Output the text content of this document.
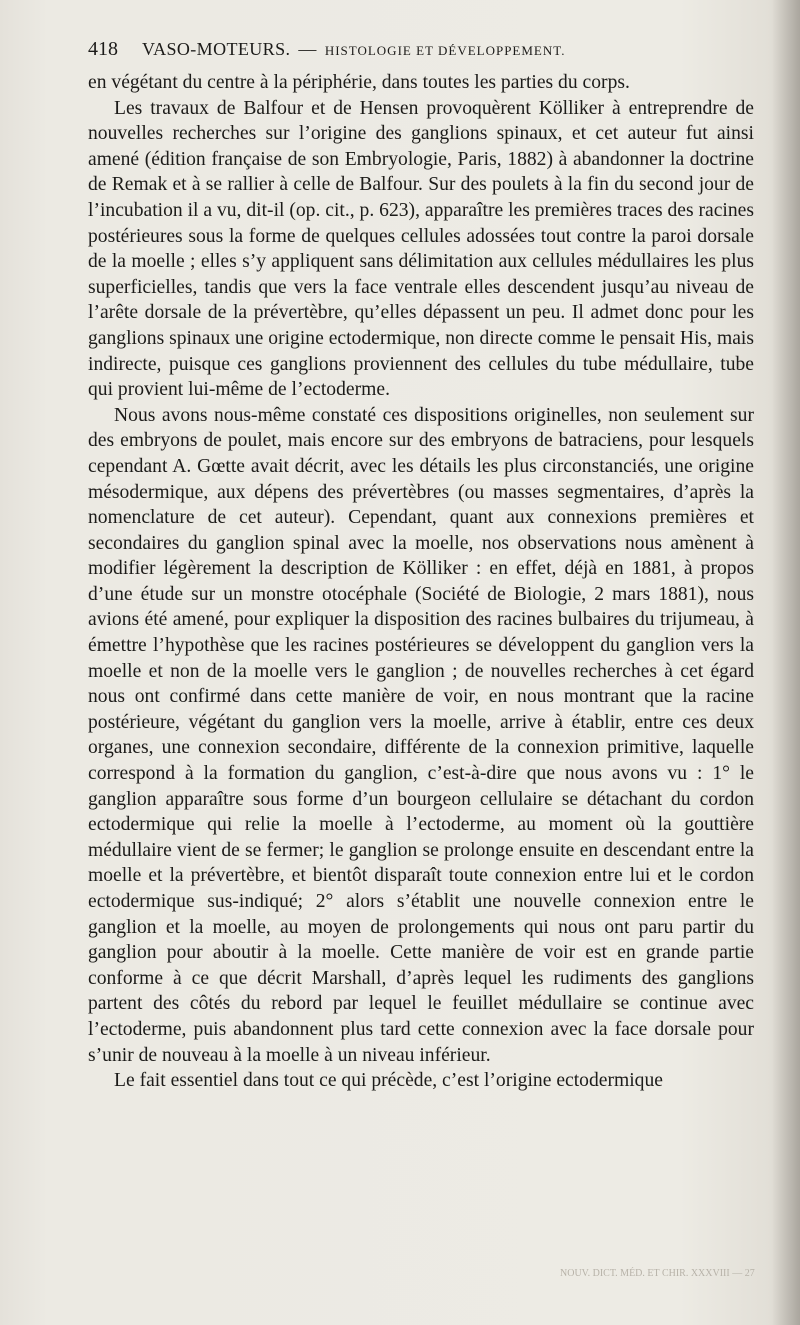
418	VASO-MOTEURS. — HISTOLOGIE ET DÉVELOPPEMENT.

en végétant du centre à la périphérie, dans toutes les parties du corps.

Les travaux de Balfour et de Hensen provoquèrent Kölliker à entreprendre de nouvelles recherches sur l’origine des ganglions spinaux, et cet auteur fut ainsi amené (édition française de son Embryologie, Paris, 1882) à abandonner la doctrine de Remak et à se rallier à celle de Balfour. Sur des poulets à la fin du second jour de l’incubation il a vu, dit-il (op. cit., p. 623), apparaître les premières traces des racines postérieures sous la forme de quelques cellules adossées tout contre la paroi dorsale de la moelle ; elles s’y appliquent sans délimitation aux cellules médullaires les plus superficielles, tandis que vers la face ventrale elles descendent jusqu’au niveau de l’arête dorsale de la prévertèbre, qu’elles dépassent un peu. Il admet donc pour les ganglions spinaux une origine ectodermique, non directe comme le pensait His, mais indirecte, puisque ces ganglions proviennent des cellules du tube médullaire, tube qui provient lui-même de l’ectoderme.

Nous avons nous-même constaté ces dispositions originelles, non seulement sur des embryons de poulet, mais encore sur des embryons de batraciens, pour lesquels cependant A. Gœtte avait décrit, avec les détails les plus circonstanciés, une origine mésodermique, aux dépens des prévertèbres (ou masses segmentaires, d’après la nomenclature de cet auteur). Cependant, quant aux connexions premières et secondaires du ganglion spinal avec la moelle, nos observations nous amènent à modifier légèrement la description de Kölliker : en effet, déjà en 1881, à propos d’une étude sur un monstre otocéphale (Société de Biologie, 2 mars 1881), nous avions été amené, pour expliquer la disposition des racines bulbaires du trijumeau, à émettre l’hypothèse que les racines postérieures se développent du ganglion vers la moelle et non de la moelle vers le ganglion ; de nouvelles recherches à cet égard nous ont confirmé dans cette manière de voir, en nous montrant que la racine postérieure, végétant du ganglion vers la moelle, arrive à établir, entre ces deux organes, une connexion secondaire, différente de la connexion primitive, laquelle correspond à la formation du ganglion, c’est-à-dire que nous avons vu : 1° le ganglion apparaître sous forme d’un bourgeon cellulaire se détachant du cordon ectodermique qui relie la moelle à l’ectoderme, au moment où la gouttière médullaire vient de se fermer; le ganglion se prolonge ensuite en descendant entre la moelle et la prévertèbre, et bientôt disparaît toute connexion entre lui et le cordon ectodermique sus-indiqué; 2° alors s’établit une nouvelle connexion entre le ganglion et la moelle, au moyen de prolongements qui nous ont paru partir du ganglion pour aboutir à la moelle. Cette manière de voir est en grande partie conforme à ce que décrit Marshall, d’après lequel les rudiments des ganglions partent des côtés du rebord par lequel le feuillet médullaire se continue avec l’ectoderme, puis abandonnent plus tard cette connexion avec la face dorsale pour s’unir de nouveau à la moelle à un niveau inférieur.

Le fait essentiel dans tout ce qui précède, c’est l’origine ectodermique

NOUV. DICT. MÉD. ET CHIR. XXXVIII — 27
